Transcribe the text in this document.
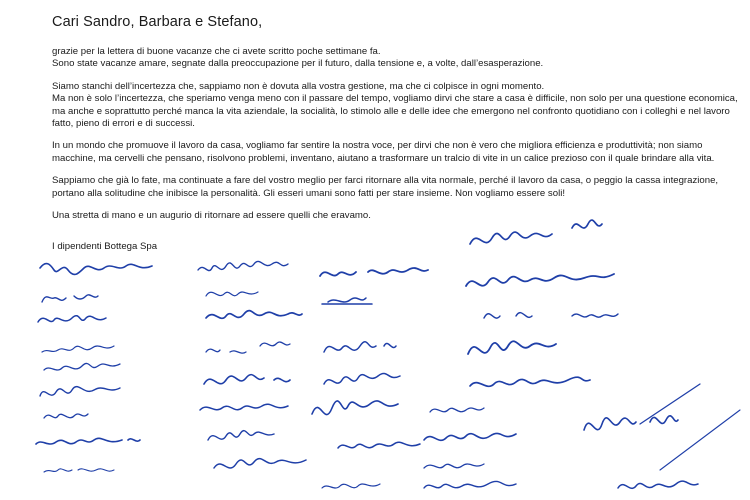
Cari Sandro, Barbara e Stefano,

grazie per la lettera di buone vacanze che ci avete scritto poche settimane fa.
Sono state vacanze amare, segnate dalla preoccupazione per il futuro, dalla tensione e, a volte, dall’esasperazione.

Siamo stanchi dell’incertezza che, sappiamo non è dovuta alla vostra gestione, ma che ci colpisce in ogni momento.
Ma non è solo l’incertezza, che speriamo venga meno con il passare del tempo, vogliamo dirvi che stare a casa è difficile, non solo per una questione economica,
ma anche e soprattutto perché manca la vita aziendale, la socialità, lo stimolo alle e delle idee che emergono nel confronto quotidiano con i colleghi e nel lavoro
fatto, pieno di errori e di successi.

In un mondo che promuove il lavoro da casa, vogliamo far sentire la nostra voce, per dirvi che non è vero che migliora efficienza e produttività; non siamo
macchine, ma cervelli che pensano, risolvono problemi, inventano, aiutano a trasformare un tralcio di vite in un calice prezioso con il quale brindare alla vita.

Sappiamo che già lo fate, ma continuate a fare del vostro meglio per farci ritornare alla vita normale, perché il lavoro da casa, o peggio la cassa integrazione,
portano alla solitudine che inibisce la personalità. Gli esseri umani sono fatti per stare insieme. Non vogliamo essere soli!

Una stretta di mano e un augurio di ritornare ad essere quelli che eravamo.

I dipendenti Bottega Spa
